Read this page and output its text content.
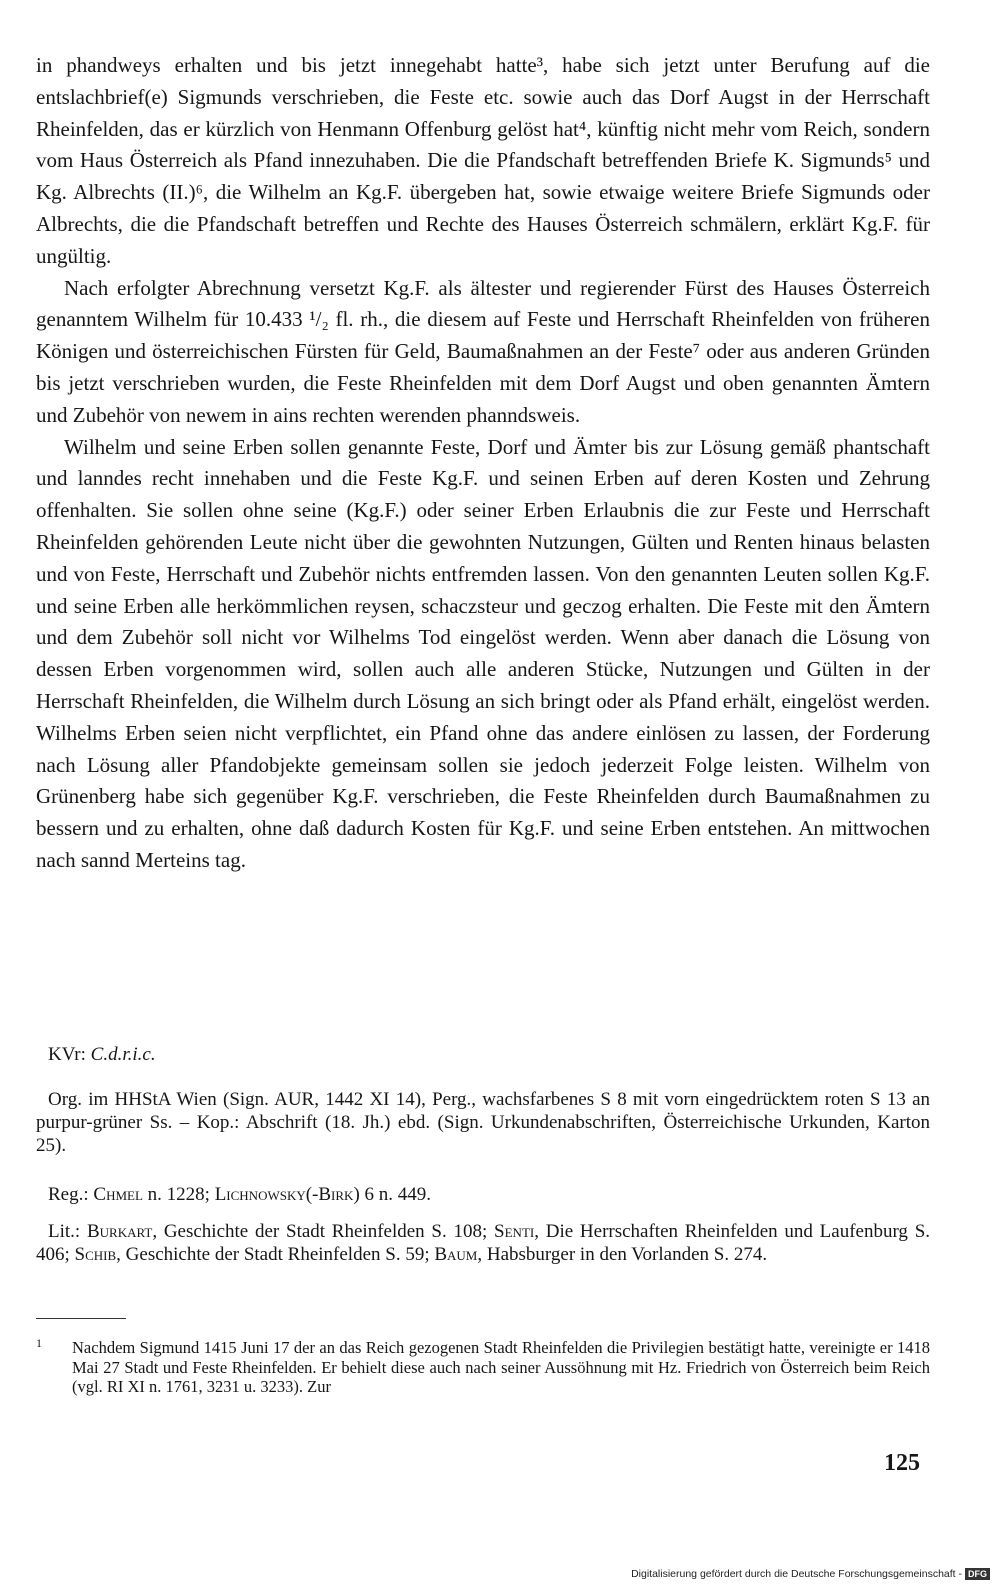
in phandweys erhalten und bis jetzt innegehabt hatte³, habe sich jetzt unter Berufung auf die entslachbrief(e) Sigmunds verschrieben, die Feste etc. sowie auch das Dorf Augst in der Herrschaft Rheinfelden, das er kürzlich von Henmann Offenburg gelöst hat⁴, künftig nicht mehr vom Reich, sondern vom Haus Österreich als Pfand innezuhaben. Die die Pfandschaft betreffenden Briefe K. Sigmunds⁵ und Kg. Albrechts (II.)⁶, die Wilhelm an Kg.F. übergeben hat, sowie etwaige weitere Briefe Sigmunds oder Albrechts, die die Pfandschaft betreffen und Rechte des Hauses Österreich schmälern, erklärt Kg.F. für ungültig.

Nach erfolgter Abrechnung versetzt Kg.F. als ältester und regierender Fürst des Hauses Österreich genanntem Wilhelm für 10.433 ¹/₂ fl. rh., die diesem auf Feste und Herrschaft Rheinfelden von früheren Königen und österreichischen Fürsten für Geld, Baumaßnahmen an der Feste⁷ oder aus anderen Gründen bis jetzt verschrieben wurden, die Feste Rheinfelden mit dem Dorf Augst und oben genannten Ämtern und Zubehör von newem in ains rechten werenden phanndsweis.

Wilhelm und seine Erben sollen genannte Feste, Dorf und Ämter bis zur Lösung gemäß phantschaft und lanndes recht innehaben und die Feste Kg.F. und seinen Erben auf deren Kosten und Zehrung offenhalten. Sie sollen ohne seine (Kg.F.) oder seiner Erben Erlaubnis die zur Feste und Herrschaft Rheinfelden gehörenden Leute nicht über die gewohnten Nutzungen, Gülten und Renten hinaus belasten und von Feste, Herrschaft und Zubehör nichts entfremden lassen. Von den genannten Leuten sollen Kg.F. und seine Erben alle herkömmlichen reysen, schaczsteur und geczog erhalten. Die Feste mit den Ämtern und dem Zubehör soll nicht vor Wilhelms Tod eingelöst werden. Wenn aber danach die Lösung von dessen Erben vorgenommen wird, sollen auch alle anderen Stücke, Nutzungen und Gülten in der Herrschaft Rheinfelden, die Wilhelm durch Lösung an sich bringt oder als Pfand erhält, eingelöst werden. Wilhelms Erben seien nicht verpflichtet, ein Pfand ohne das andere einlösen zu lassen, der Forderung nach Lösung aller Pfandobjekte gemeinsam sollen sie jedoch jederzeit Folge leisten. Wilhelm von Grünenberg habe sich gegenüber Kg.F. verschrieben, die Feste Rheinfelden durch Baumaßnahmen zu bessern und zu erhalten, ohne daß dadurch Kosten für Kg.F. und seine Erben entstehen. An mittwochen nach sannd Merteins tag.

KVr: C.d.r.i.c.

Org. im HHStA Wien (Sign. AUR, 1442 XI 14), Perg., wachsfarbenes S 8 mit vorn eingedrücktem roten S 13 an purpur-grüner Ss. – Kop.: Abschrift (18. Jh.) ebd. (Sign. Urkundenabschriften, Österreichische Urkunden, Karton 25).

Reg.: Chmel n. 1228; Lichnowsky(-Birk) 6 n. 449.

Lit.: Burkart, Geschichte der Stadt Rheinfelden S. 108; Senti, Die Herrschaften Rheinfelden und Laufenburg S. 406; Schib, Geschichte der Stadt Rheinfelden S. 59; Baum, Habsburger in den Vorlanden S. 274.

1	Nachdem Sigmund 1415 Juni 17 der an das Reich gezogenen Stadt Rheinfelden die Privilegien bestätigt hatte, vereinigte er 1418 Mai 27 Stadt und Feste Rheinfelden. Er behielt diese auch nach seiner Aussöhnung mit Hz. Friedrich von Österreich beim Reich (vgl. RI XI n. 1761, 3231 u. 3233). Zur
125
Digitalisierung gefördert durch die Deutsche Forschungsgemeinschaft - DFG
